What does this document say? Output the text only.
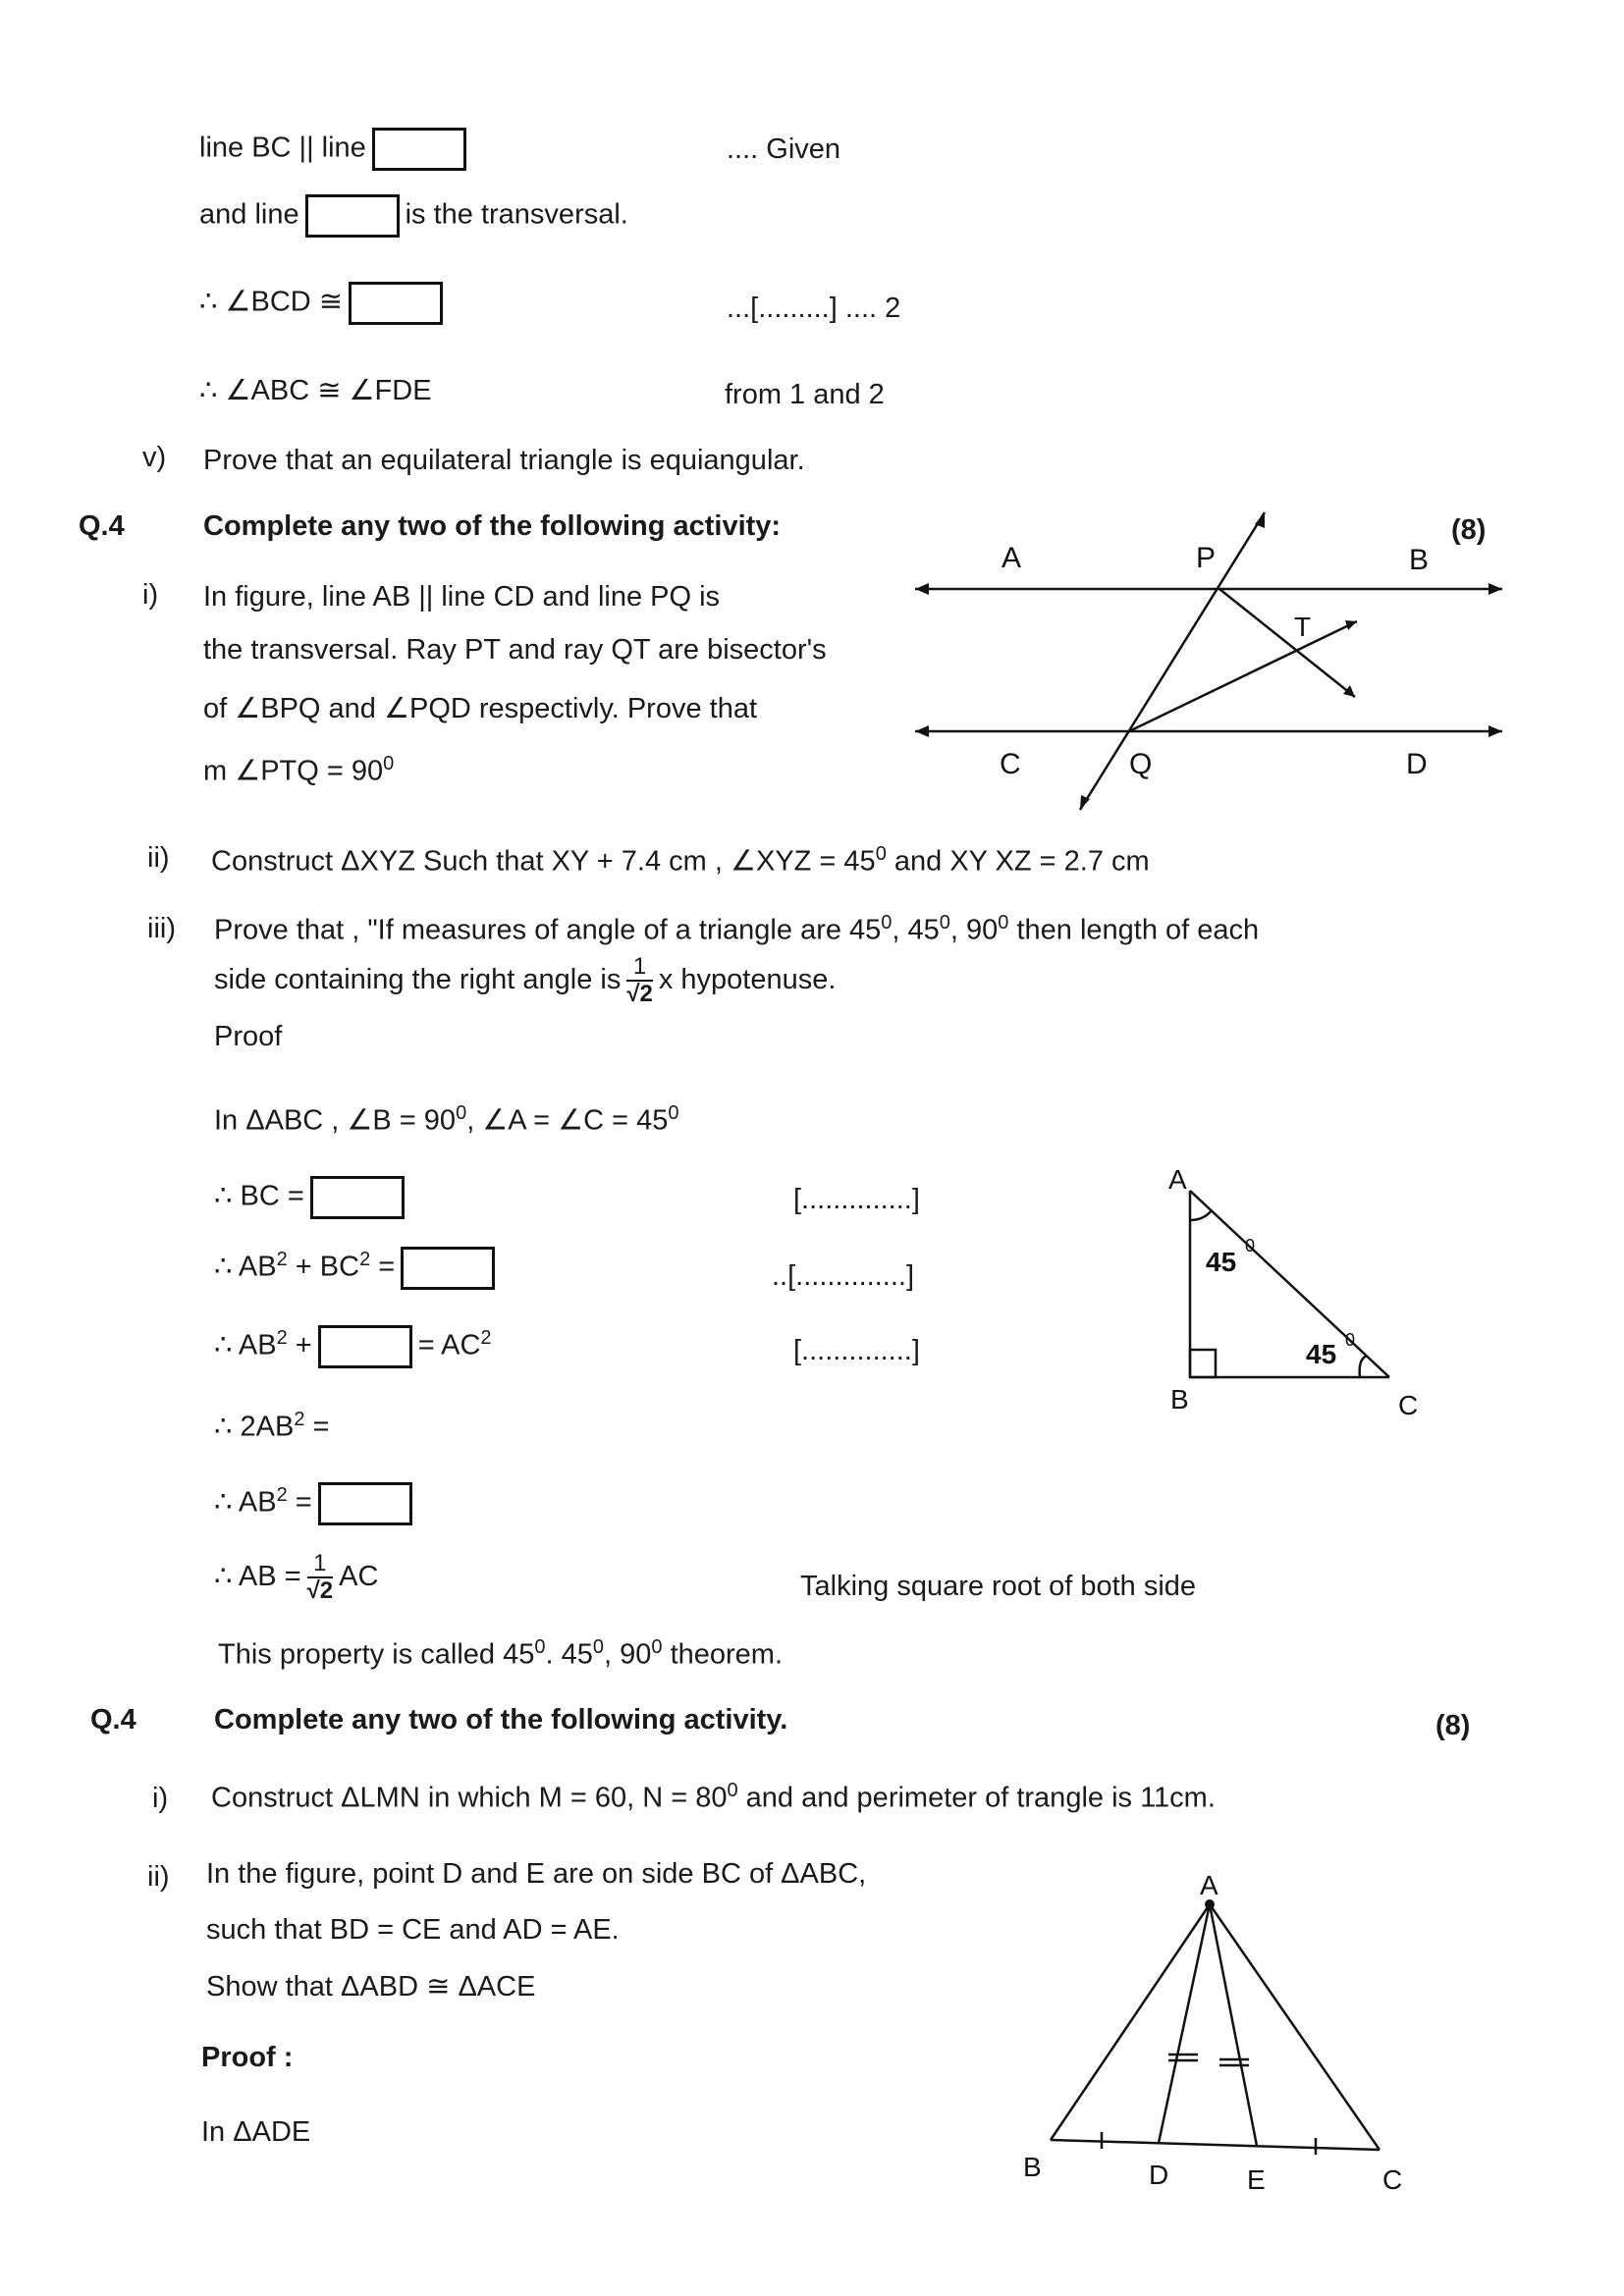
line BC || line	.... Given
and line	is the transversal.
∴ ∠BCD ≅	...[.........] .... 2
∴ ∠ABC ≅ ∠FDE	from 1 and 2
v) Prove that an equilateral triangle is equiangular.
Q.4	Complete any two of the following activity:	(8)
i) In figure, line AB || line CD and line PQ is
the transversal. Ray PT and ray QT are bisector's
of ∠BPQ and ∠PQD respectivly. Prove that
m ∠PTQ = $90^0$
A	P	B
T
C	Q	D
ii) Construct ΔXYZ Such that XY + 7.4 cm , ∠XYZ = $45^0$ and XY XZ = 2.7 cm
iii) Prove that , "If measures of angle of a triangle are $45^0$, $45^0$, $90^0$ then length of each
side containing the right angle is $\frac{1}{√2}$ x hypotenuse.
Proof
In ΔABC , ∠B = $90^0$, ∠A = ∠C = $45^0$
∴ BC =	[..............]
∴ $AB^2 + BC^2$ =	..[..............]
∴ $AB^2$ +	= $AC^2$	[..............]
∴ $2AB^2$ =
∴ $AB^2$ =
∴ AB = $\frac{1}{√2}$ AC	Talking square root of both side
This property is called $45^0$. $45^0$, $90^0$ theorem.
A
B	C
45
0
45 0
Q.4	Complete any two of the following activity.	(8)
i) Construct ΔLMN in which M = 60, $N = 80^0$ and and perimeter of trangle is 11cm.
ii) In the figure, point D and E are on side BC of ΔABC,
such that BD = CE and AD = AE.
Show that ΔABD ≅ ΔACE
Proof :
In ΔADE
A
B	D	E	C
